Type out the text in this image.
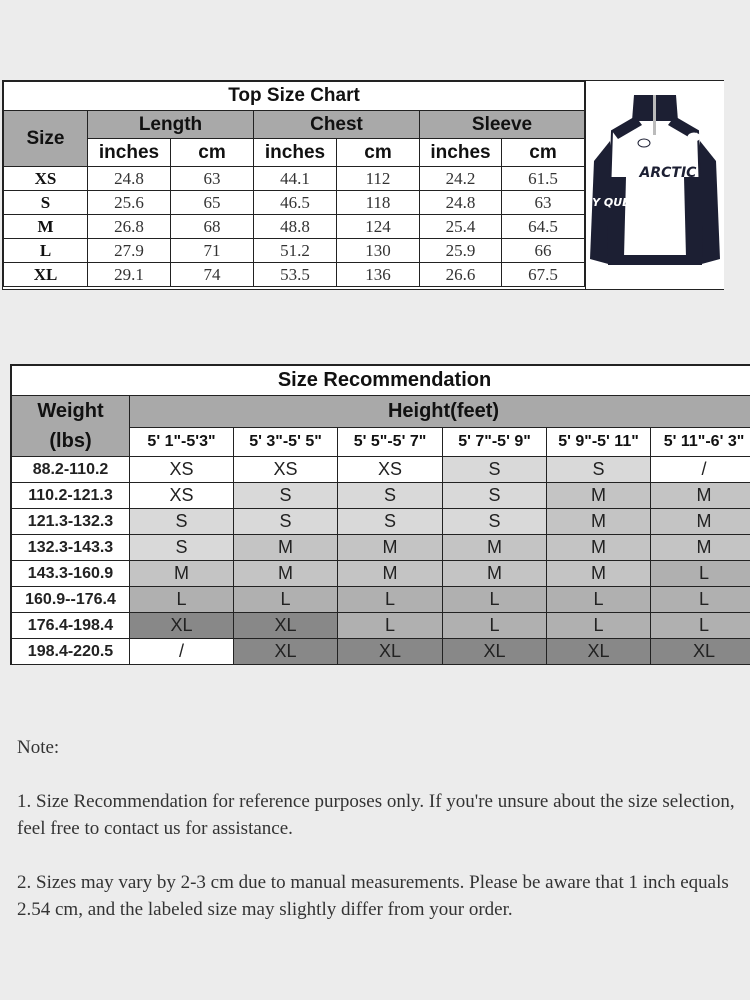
Top Size Chart						
Size	Length		Chest		Sleeve	
	inches	cm	inches	cm	inches	cm
XS	24.8	63	44.1	112	24.2	61.5
S	25.6	65	46.5	118	24.8	63
M	26.8	68	48.8	124	25.4	64.5
L	27.9	71	51.2	130	25.9	66
XL	29.1	74	53.5	136	26.6	67.5
ARCTIC
CY QUEEN
Size Recommendation						

Weight
(lbs)	Height(feet)					
	5' 1"-5'3"	5' 3"-5' 5"	5' 5"-5' 7"	5' 7"-5' 9"	5' 9"-5' 11"	5' 11"-6' 3"
88.2-110.2	XS	XS	XS	S	S	/
110.2-121.3	XS	S	S	S	M	M
121.3-132.3	S	S	S	S	M	M
132.3-143.3	S	M	M	M	M	M
143.3-160.9	M	M	M	M	M	L
160.9--176.4	L	L	L	L	L	L
176.4-198.4	XL	XL	L	L	L	L
198.4-220.5	/	XL	XL	XL	XL	XL

Note:

1. Size Recommendation for reference purposes only. If you're unsure about the size selection, feel free to contact us for assistance.

2. Sizes may vary by 2-3 cm due to manual measurements. Please be aware that 1 inch equals 2.54 cm, and the labeled size may slightly differ from your order.
